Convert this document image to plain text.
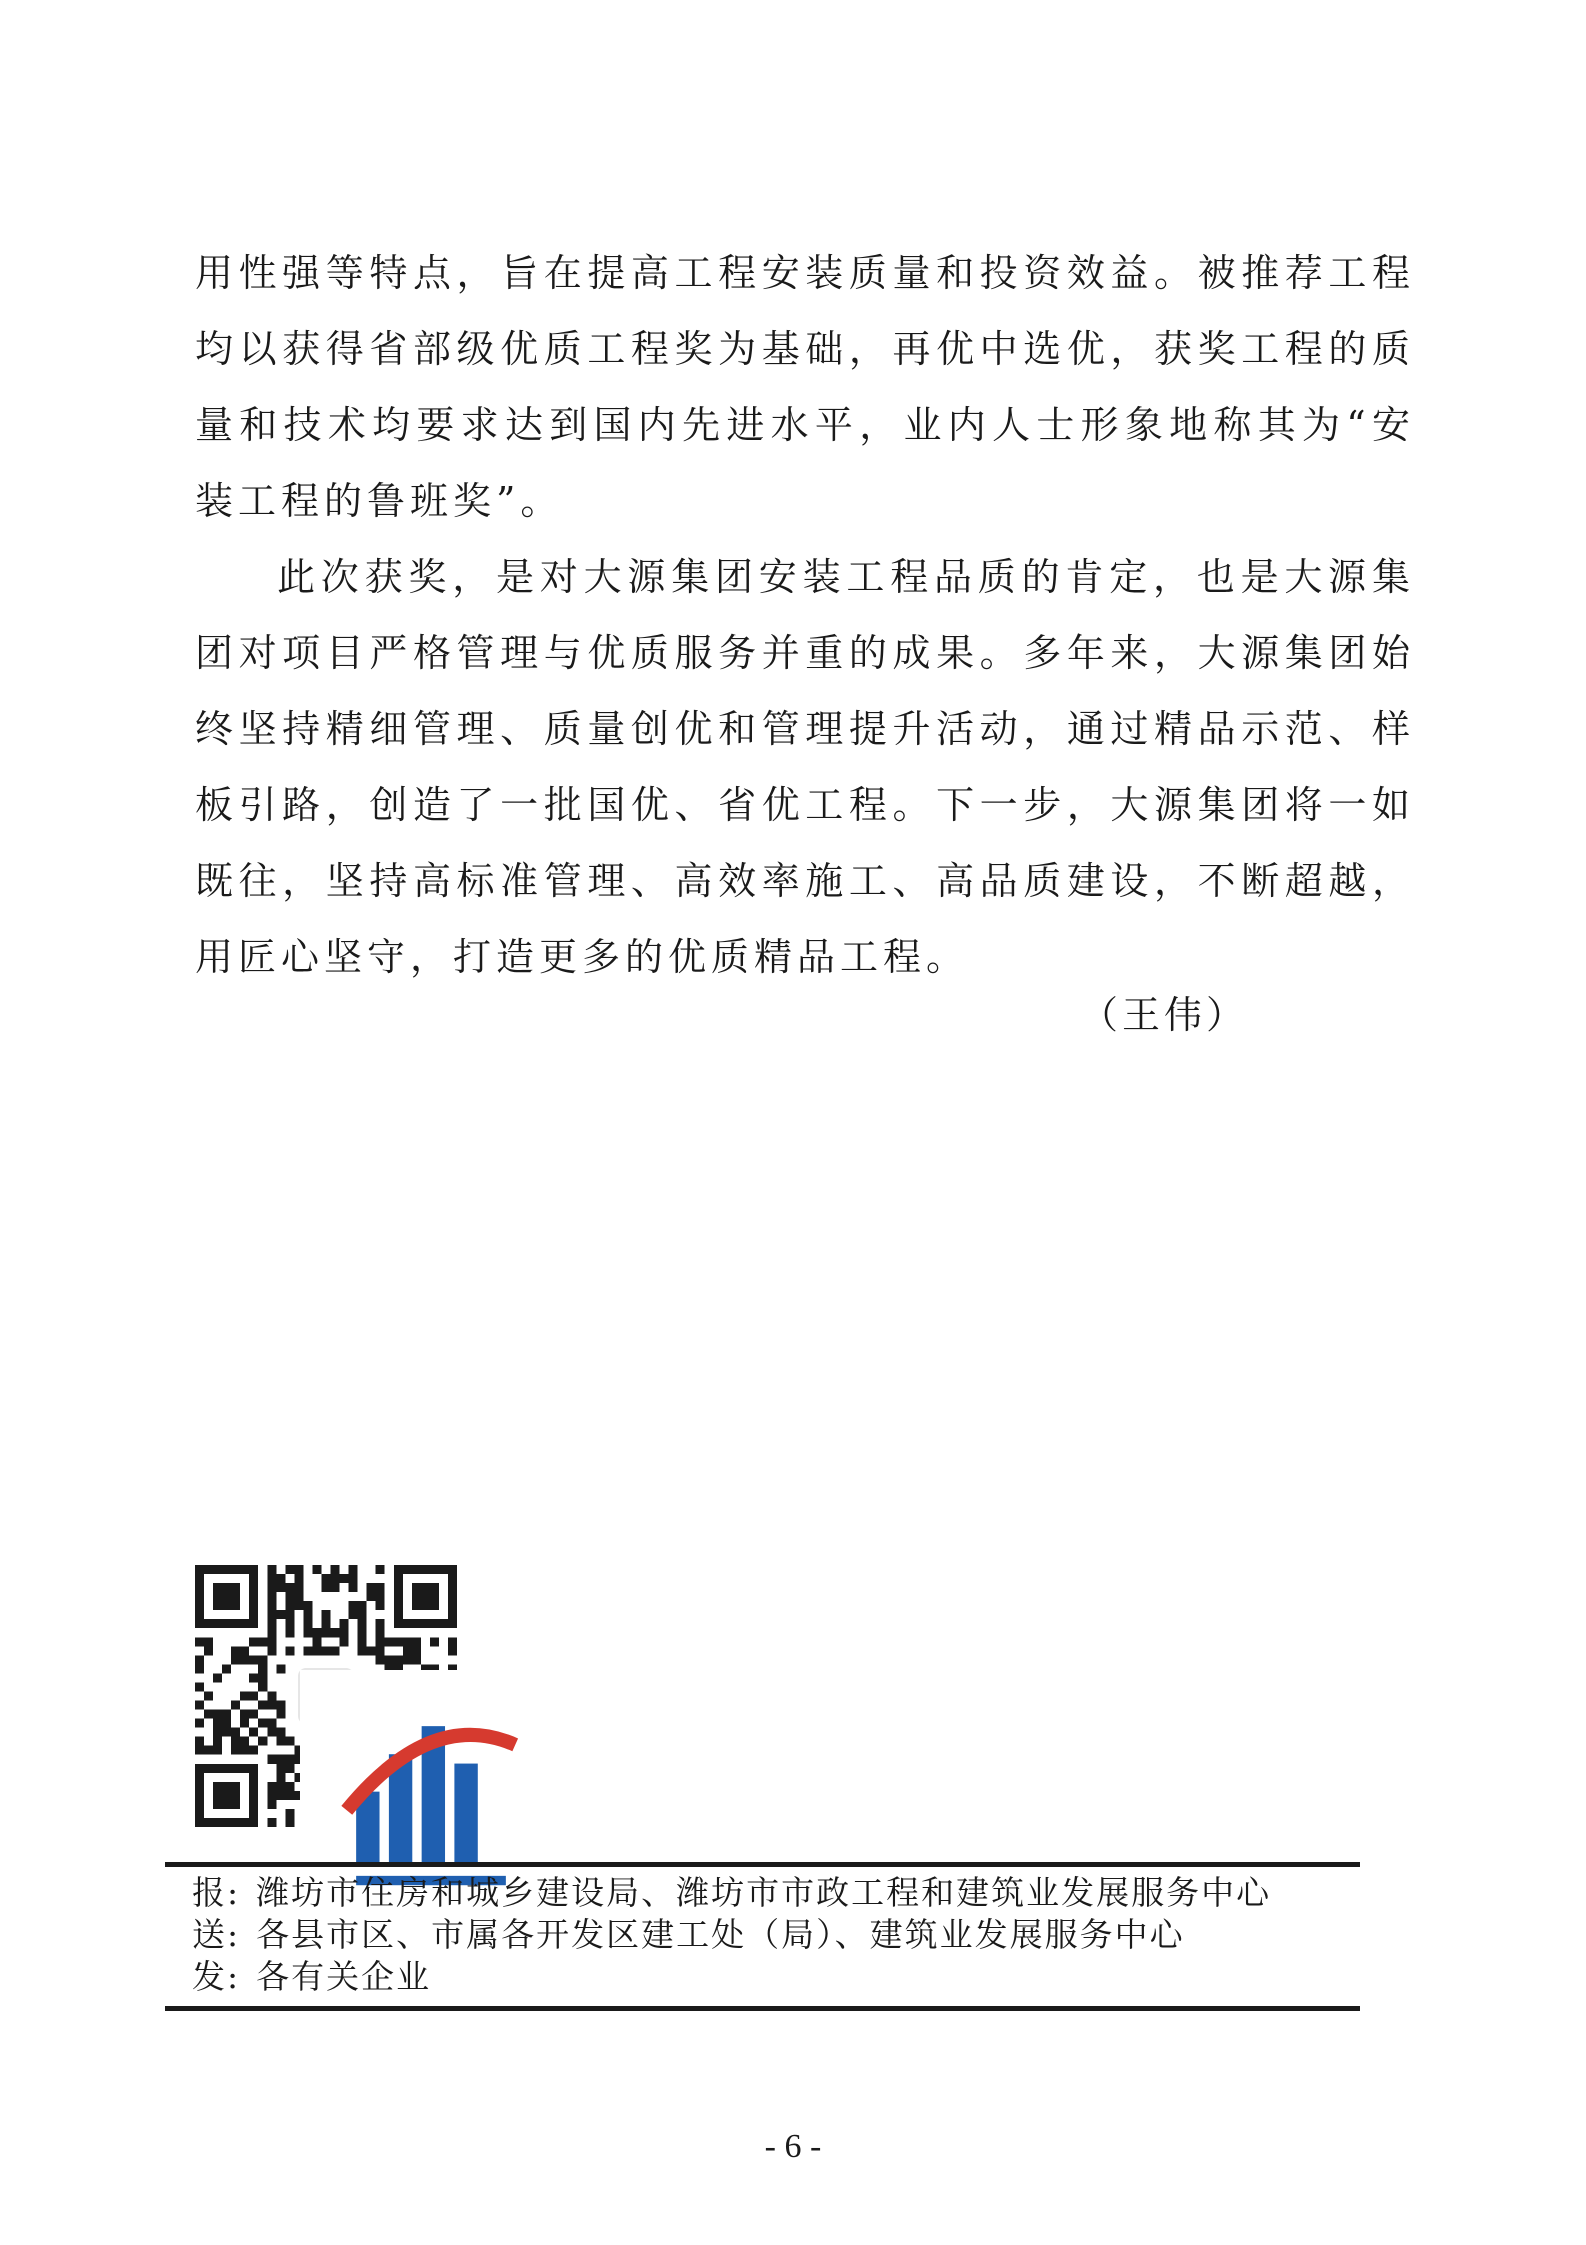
用性强等特点，旨在提高工程安装质量和投资效益。被推荐工程
均以获得省部级优质工程奖为基础，再优中选优，获奖工程的质
量和技术均要求达到国内先进水平，业内人士形象地称其为“安
装工程的鲁班奖”。
此次获奖，是对大源集团安装工程品质的肯定，也是大源集
团对项目严格管理与优质服务并重的成果。多年来，大源集团始
终坚持精细管理、质量创优和管理提升活动，通过精品示范、样
板引路，创造了一批国优、省优工程。下一步，大源集团将一如
既往，坚持高标准管理、高效率施工、高品质建设，不断超越，
用匠心坚守，打造更多的优质精品工程。
（王伟）
报: 潍坊市住房和城乡建设局、潍坊市市政工程和建筑业发展服务中心
送: 各县市区、市属各开发区建工处（局）、建筑业发展服务中心
发: 各有关企业
- 6 -
